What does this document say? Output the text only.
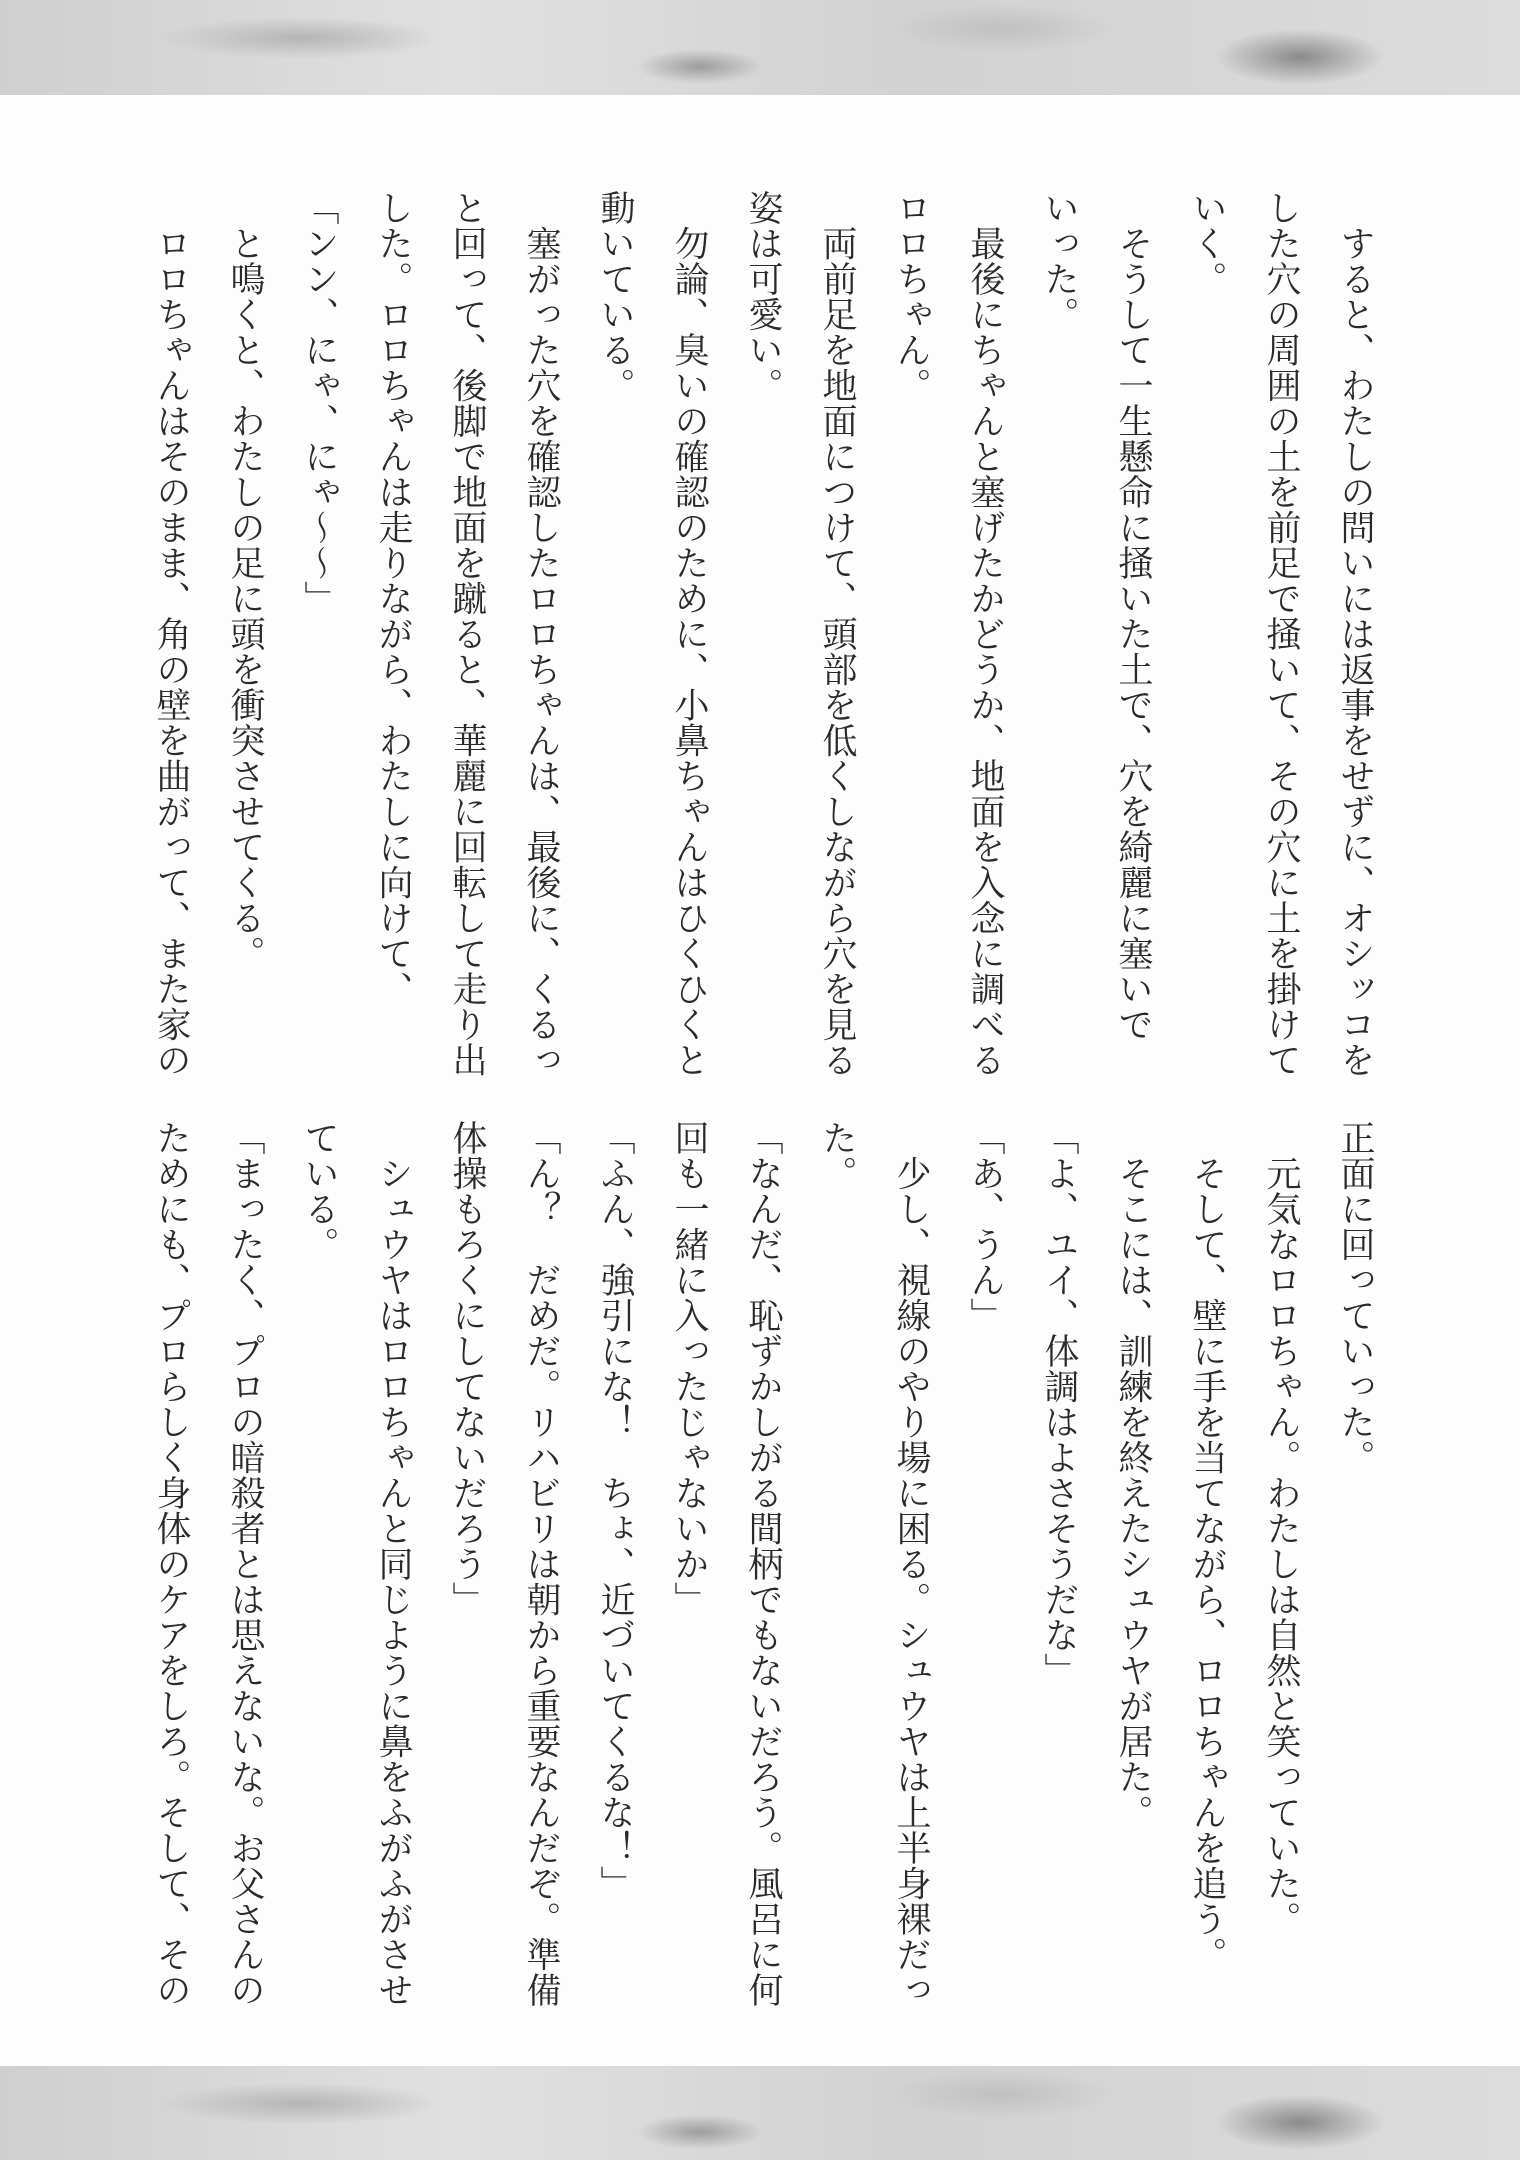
　すると、わたしの問いには返事をせずに、オシッコを
した穴の周囲の土を前足で掻いて、その穴に土を掛けて
いく。
　そうして一生懸命に掻いた土で、穴を綺麗に塞いで
いった。
　最後にちゃんと塞げたかどうか、地面を入念に調べる
ロロちゃん。
　両前足を地面につけて、頭部を低くしながら穴を見る
姿は可愛い。
　勿論、臭いの確認のために、小鼻ちゃんはひくひくと
動いている。
　塞がった穴を確認したロロちゃんは、最後に、くるっ
と回って、後脚で地面を蹴ると、華麗に回転して走り出
した。ロロちゃんは走りながら、わたしに向けて、
「ンン、にゃ、にゃ〜〜」
　と鳴くと、わたしの足に頭を衝突させてくる。
　ロロちゃんはそのまま、角の壁を曲がって、また家の
正面に回っていった。
　元気なロロちゃん。わたしは自然と笑っていた。
　そして、壁に手を当てながら、ロロちゃんを追う。
　そこには、訓練を終えたシュウヤが居た。
「よ、ユイ、体調はよさそうだな」
「あ、うん」
　少し、視線のやり場に困る。シュウヤは上半身裸だっ
た。
「なんだ、恥ずかしがる間柄でもないだろう。風呂に何
回も一緒に入ったじゃないか」
「ふん、強引にな！　ちょ、近づいてくるな！」
「ん？　だめだ。リハビリは朝から重要なんだぞ。準備
体操もろくにしてないだろう」
　シュウヤはロロちゃんと同じように鼻をふがふがさせ
ている。
「まったく、プロの暗殺者とは思えないな。お父さんの
ためにも、プロらしく身体のケアをしろ。そして、その
